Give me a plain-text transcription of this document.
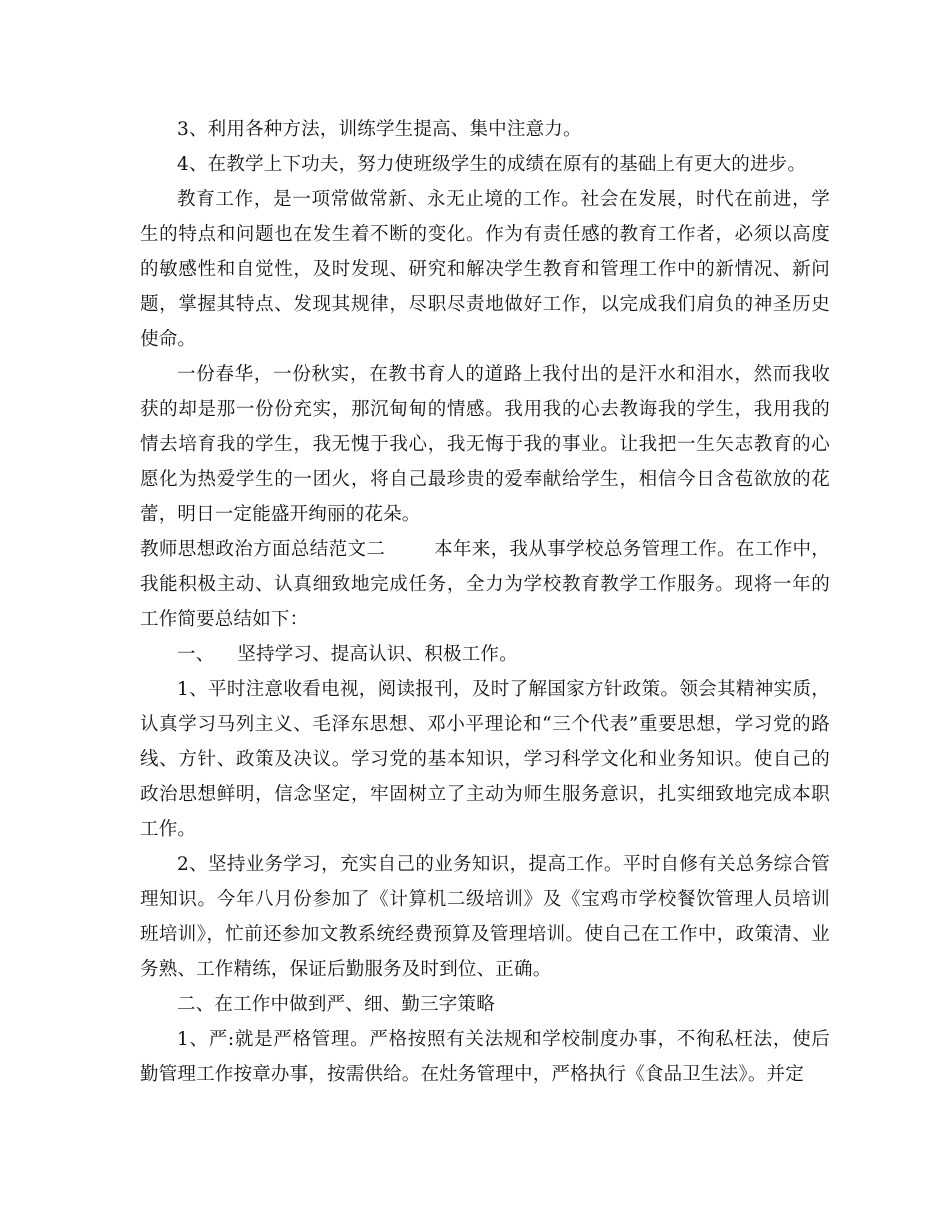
3、利用各种方法，训练学生提高、集中注意力。

4、在教学上下功夫，努力使班级学生的成绩在原有的基础上有更大的进步。

教育工作，是一项常做常新、永无止境的工作。社会在发展，时代在前进，学生的特点和问题也在发生着不断的变化。作为有责任感的教育工作者，必须以高度的敏感性和自觉性，及时发现、研究和解决学生教育和管理工作中的新情况、新问题，掌握其特点、发现其规律，尽职尽责地做好工作，以完成我们肩负的神圣历史使命。

一份春华，一份秋实，在教书育人的道路上我付出的是汗水和泪水，然而我收获的却是那一份份充实，那沉甸甸的情感。我用我的心去教诲我的学生，我用我的情去培育我的学生，我无愧于我心，我无悔于我的事业。让我把一生矢志教育的心愿化为热爱学生的一团火，将自己最珍贵的爱奉献给学生，相信今日含苞欲放的花蕾，明日一定能盛开绚丽的花朵。

教师思想政治方面总结范文二	本年来，我从事学校总务管理工作。在工作中，我能积极主动、认真细致地完成任务，全力为学校教育教学工作服务。现将一年的工作简要总结如下：

一、	坚持学习、提高认识、积极工作。

1、平时注意收看电视，阅读报刊，及时了解国家方针政策。领会其精神实质，认真学习马列主义、毛泽东思想、邓小平理论和“三个代表”重要思想，学习党的路线、方针、政策及决议。学习党的基本知识，学习科学文化和业务知识。使自己的政治思想鲜明，信念坚定，牢固树立了主动为师生服务意识，扎实细致地完成本职工作。

2、坚持业务学习，充实自己的业务知识，提高工作。平时自修有关总务综合管理知识。今年八月份参加了《计算机二级培训》及《宝鸡市学校餐饮管理人员培训班培训》，忙前还参加文教系统经费预算及管理培训。使自己在工作中，政策清、业务熟、工作精练，保证后勤服务及时到位、正确。

二、在工作中做到严、细、勤三字策略

1、严:就是严格管理。严格按照有关法规和学校制度办事，不徇私枉法，使后勤管理工作按章办事，按需供给。在灶务管理中，严格执行《食品卫生法》。并定
